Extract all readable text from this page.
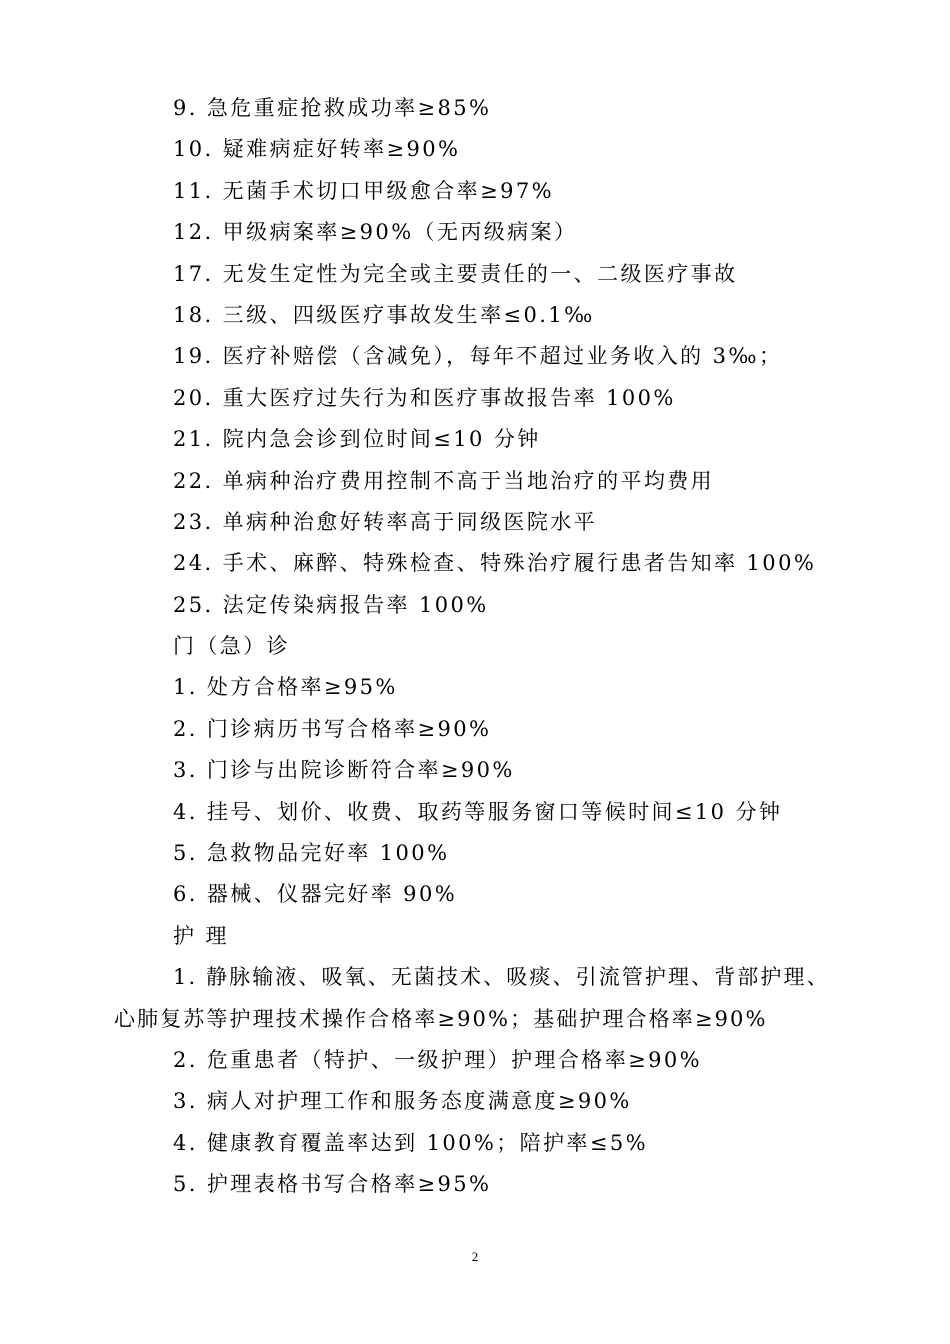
9. 急危重症抢救成功率≥85%
10. 疑难病症好转率≥90%
11. 无菌手术切口甲级愈合率≥97%
12. 甲级病案率≥90%（无丙级病案）
17. 无发生定性为完全或主要责任的一、二级医疗事故
18. 三级、四级医疗事故发生率≤0.1‰
19. 医疗补赔偿（含减免），每年不超过业务收入的 3‰；
20. 重大医疗过失行为和医疗事故报告率 100%
21. 院内急会诊到位时间≤10 分钟
22. 单病种治疗费用控制不高于当地治疗的平均费用
23. 单病种治愈好转率高于同级医院水平
24. 手术、麻醉、特殊检查、特殊治疗履行患者告知率 100%
25. 法定传染病报告率 100%
门（急）诊
1. 处方合格率≥95%
2. 门诊病历书写合格率≥90%
3. 门诊与出院诊断符合率≥90%
4. 挂号、划价、收费、取药等服务窗口等候时间≤10 分钟
5. 急救物品完好率 100%
6. 器械、仪器完好率 90%
护 理
1. 静脉输液、吸氧、无菌技术、吸痰、引流管护理、背部护理、
心肺复苏等护理技术操作合格率≥90%；基础护理合格率≥90%
2. 危重患者（特护、一级护理）护理合格率≥90%
3. 病人对护理工作和服务态度满意度≥90%
4. 健康教育覆盖率达到 100%；陪护率≤5%
5. 护理表格书写合格率≥95%
2
